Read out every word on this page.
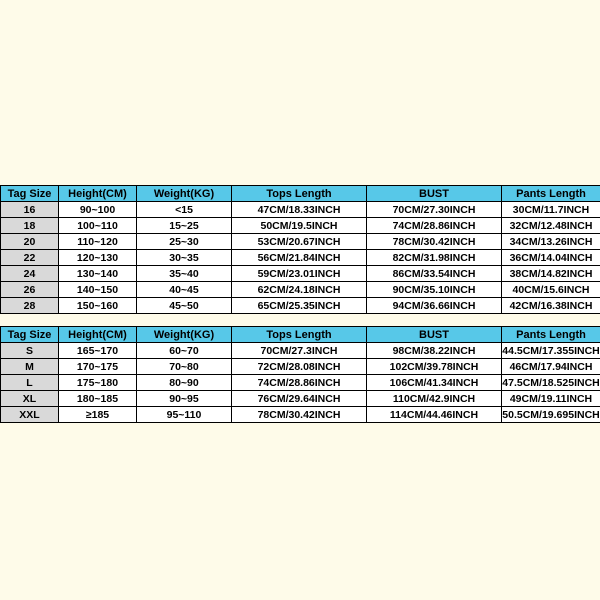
Tag Size	Height(CM)	Weight(KG)	Tops Length	BUST	Pants Length
16	90~100	<15	47CM/18.33INCH	70CM/27.30INCH	30CM/11.7INCH
18	100~110	15~25	50CM/19.5INCH	74CM/28.86INCH	32CM/12.48INCH
20	110~120	25~30	53CM/20.67INCH	78CM/30.42INCH	34CM/13.26INCH
22	120~130	30~35	56CM/21.84INCH	82CM/31.98INCH	36CM/14.04INCH
24	130~140	35~40	59CM/23.01INCH	86CM/33.54INCH	38CM/14.82INCH
26	140~150	40~45	62CM/24.18INCH	90CM/35.10INCH	40CM/15.6INCH
28	150~160	45~50	65CM/25.35INCH	94CM/36.66INCH	42CM/16.38INCH
Tag Size	Height(CM)	Weight(KG)	Tops Length	BUST	Pants Length
S	165~170	60~70	70CM/27.3INCH	98CM/38.22INCH	44.5CM/17.355INCH
M	170~175	70~80	72CM/28.08INCH	102CM/39.78INCH	46CM/17.94INCH
L	175~180	80~90	74CM/28.86INCH	106CM/41.34INCH	47.5CM/18.525INCH
XL	180~185	90~95	76CM/29.64INCH	110CM/42.9INCH	49CM/19.11INCH
XXL	≥185	95~110	78CM/30.42INCH	114CM/44.46INCH	50.5CM/19.695INCH
